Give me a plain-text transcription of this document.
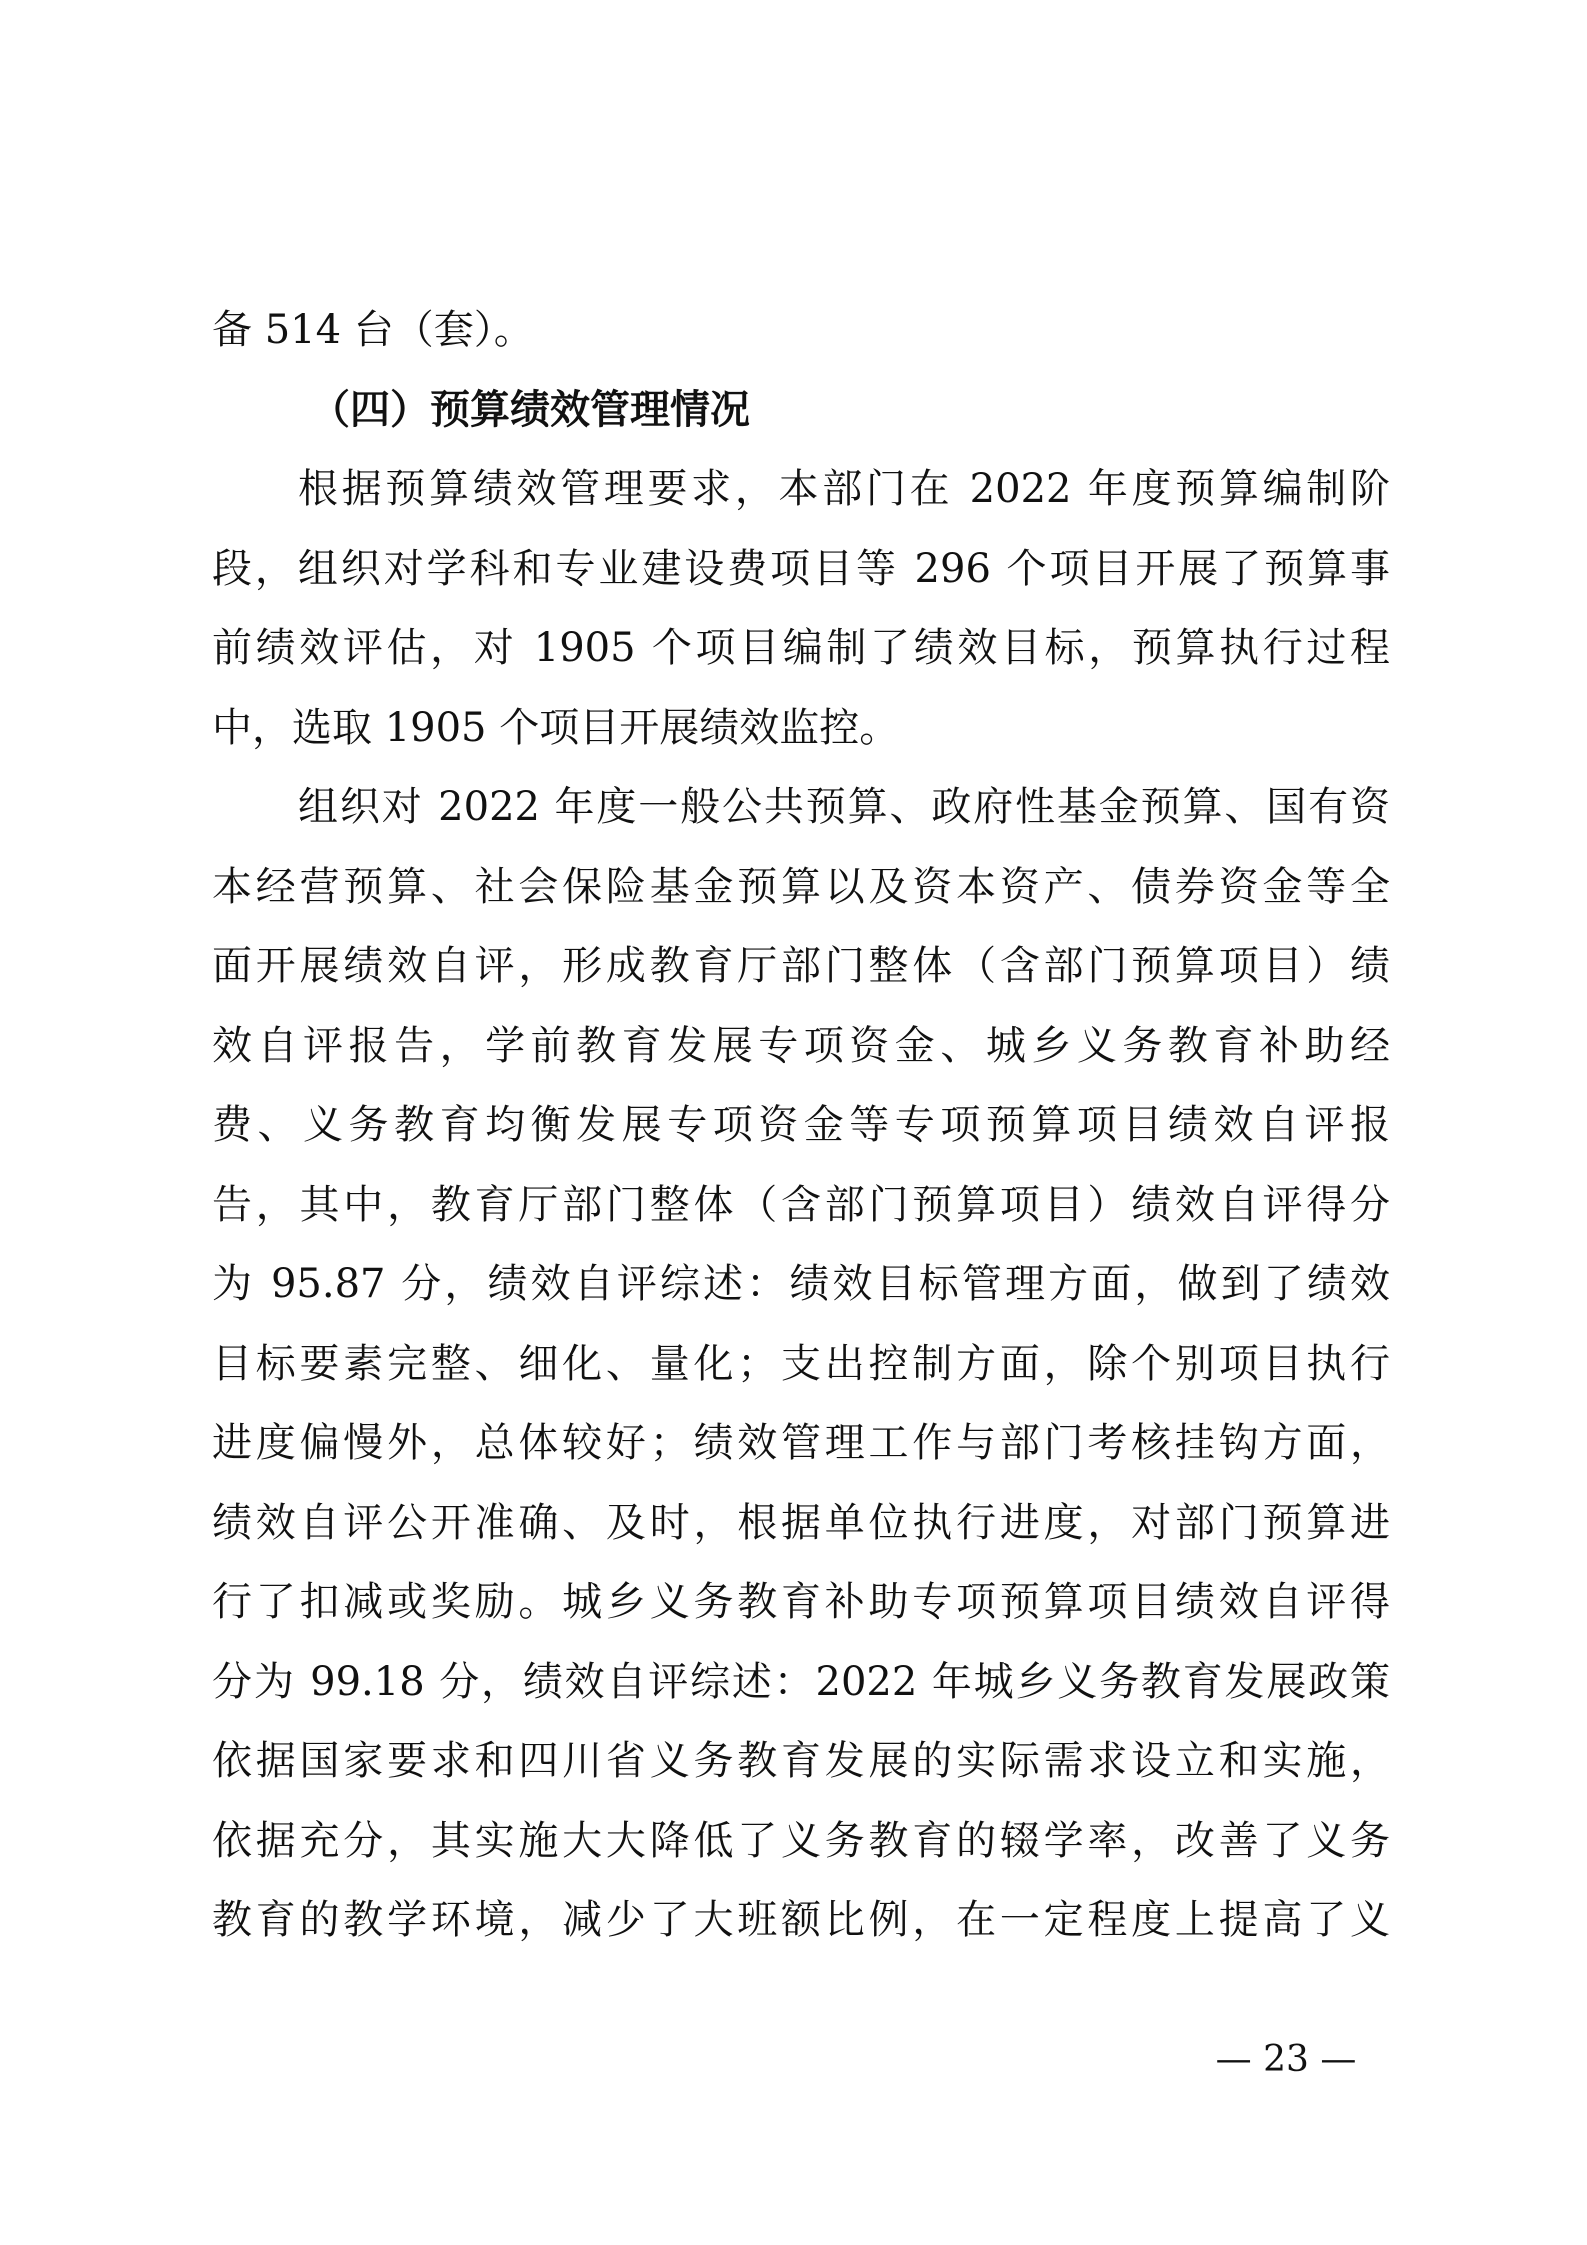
备 514 台（套）。
（四）预算绩效管理情况
根据预算绩效管理要求，本部门在 2022 年度预算编制阶
段，组织对学科和专业建设费项目等 296 个项目开展了预算事
前绩效评估，对 1905 个项目编制了绩效目标，预算执行过程
中，选取 1905 个项目开展绩效监控。
组织对 2022 年度一般公共预算、政府性基金预算、国有资
本经营预算、社会保险基金预算以及资本资产、债券资金等全
面开展绩效自评，形成教育厅部门整体（含部门预算项目）绩
效自评报告，学前教育发展专项资金、城乡义务教育补助经
费、义务教育均衡发展专项资金等专项预算项目绩效自评报
告，其中，教育厅部门整体（含部门预算项目）绩效自评得分
为 95.87 分，绩效自评综述：绩效目标管理方面，做到了绩效
目标要素完整、细化、量化；支出控制方面，除个别项目执行
进度偏慢外，总体较好；绩效管理工作与部门考核挂钩方面，
绩效自评公开准确、及时，根据单位执行进度，对部门预算进
行了扣减或奖励。城乡义务教育补助专项预算项目绩效自评得
分为 99.18 分，绩效自评综述：2022 年城乡义务教育发展政策
依据国家要求和四川省义务教育发展的实际需求设立和实施，
依据充分，其实施大大降低了义务教育的辍学率，改善了义务
教育的教学环境，减少了大班额比例，在一定程度上提高了义
— 23 —
